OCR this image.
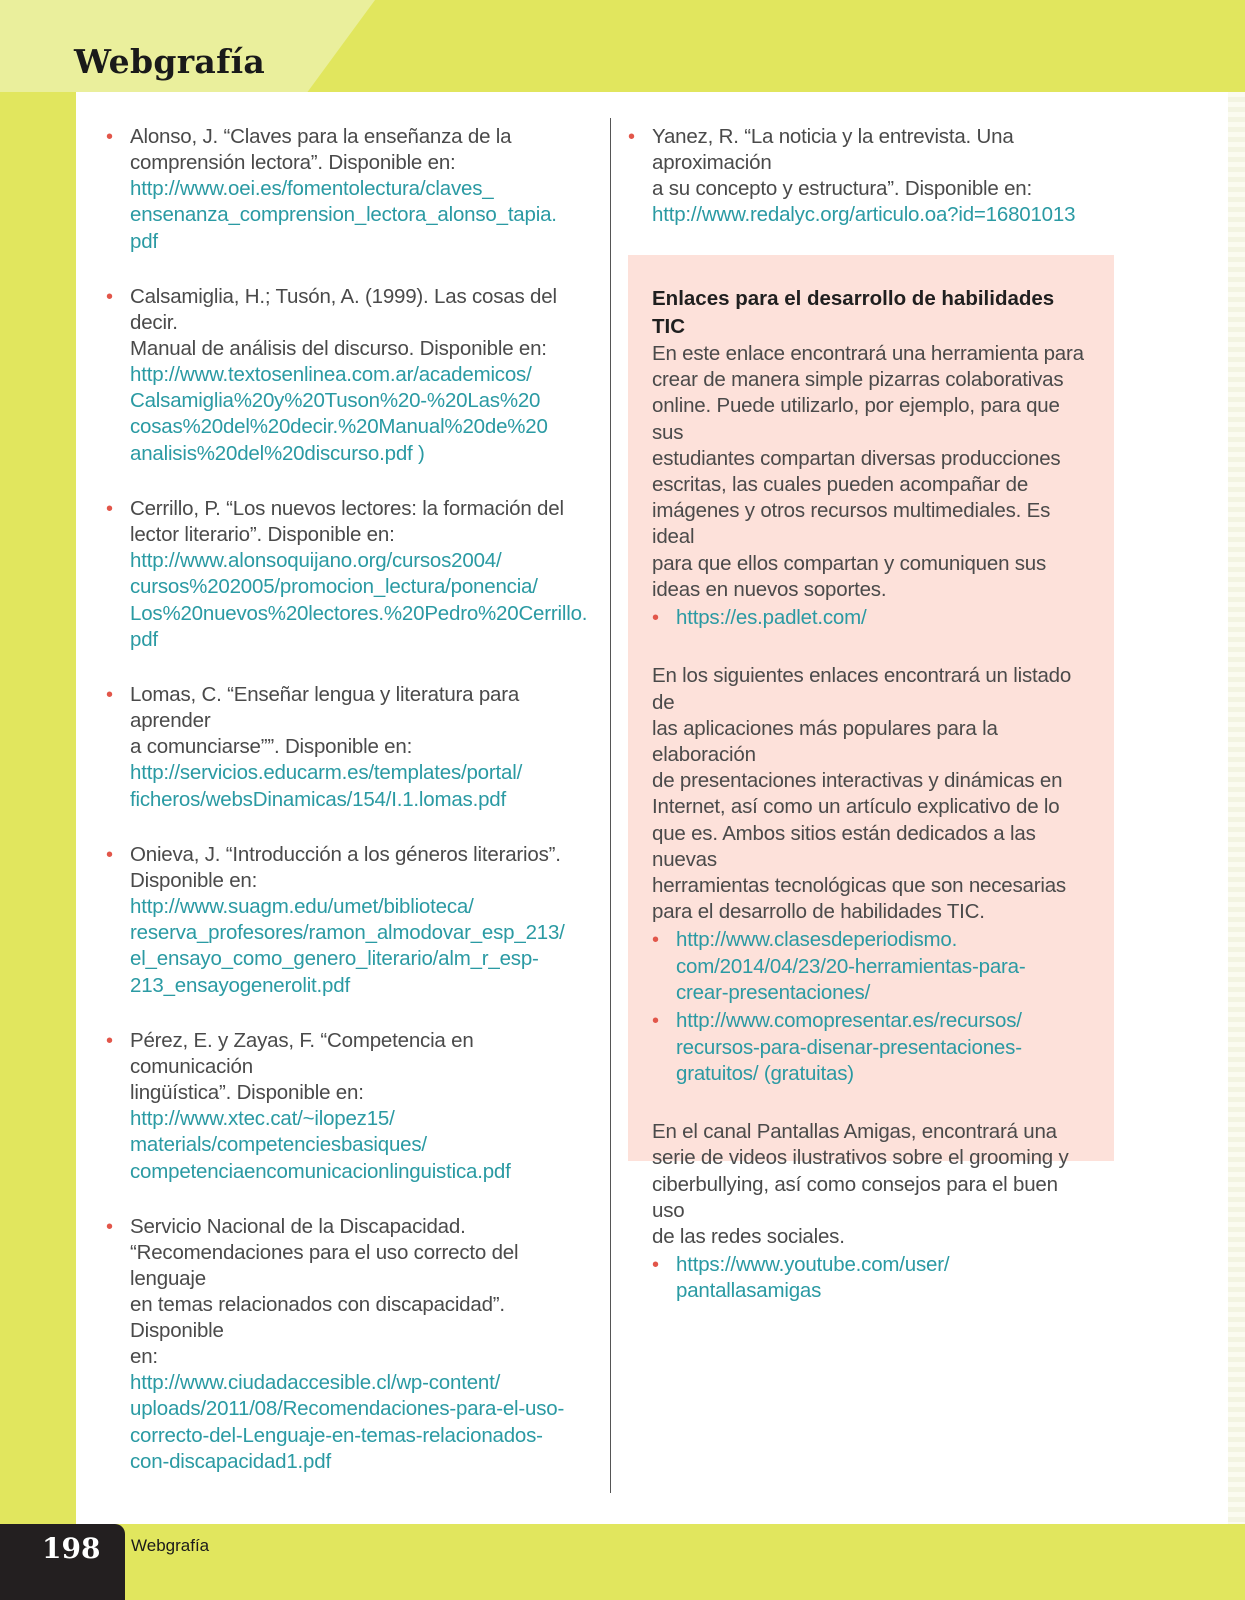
Webgrafía
198	Webgrafía
• Alonso, J. “Claves para la enseñanza de la
comprensión lectora”. Disponible en:
http://www.oei.es/fomentolectura/claves_
ensenanza_comprension_lectora_alonso_tapia.
pdf
• Calsamiglia, H.; Tusón, A. (1999). Las cosas del decir.
Manual de análisis del discurso. Disponible en:
http://www.textosenlinea.com.ar/academicos/
Calsamiglia%20y%20Tuson%20-%20Las%20
cosas%20del%20decir.%20Manual%20de%20
analisis%20del%20discurso.pdf )
• Cerrillo, P. “Los nuevos lectores: la formación del
lector literario”. Disponible en:
http://www.alonsoquijano.org/cursos2004/
cursos%202005/promocion_lectura/ponencia/
Los%20nuevos%20lectores.%20Pedro%20Cerrillo.
pdf
• Lomas, C. “Enseñar lengua y literatura para aprender
a comunciarse””. Disponible en:
http://servicios.educarm.es/templates/portal/
ficheros/websDinamicas/154/I.1.lomas.pdf
• Onieva, J. “Introducción a los géneros literarios”.
Disponible en:
http://www.suagm.edu/umet/biblioteca/
reserva_profesores/ramon_almodovar_esp_213/
el_ensayo_como_genero_literario/alm_r_esp-
213_ensayogenerolit.pdf
• Pérez, E. y Zayas, F. “Competencia en comunicación
lingüística”. Disponible en:
http://www.xtec.cat/~ilopez15/
materials/competenciesbasiques/
competenciaencomunicacionlinguistica.pdf
• Servicio Nacional de la Discapacidad.
“Recomendaciones para el uso correcto del lenguaje
en temas relacionados con discapacidad”. Disponible
en:
http://www.ciudadaccesible.cl/wp-content/
uploads/2011/08/Recomendaciones-para-el-uso-
correcto-del-Lenguaje-en-temas-relacionados-
con-discapacidad1.pdf
• Yanez, R. “La noticia y la entrevista. Una aproximación
a su concepto y estructura”. Disponible en:
http://www.redalyc.org/articulo.oa?id=16801013
Enlaces para el desarrollo de habilidades TIC

En este enlace encontrará una herramienta para
crear de manera simple pizarras colaborativas
online. Puede utilizarlo, por ejemplo, para que sus
estudiantes compartan diversas producciones
escritas, las cuales pueden acompañar de
imágenes y otros recursos multimediales. Es ideal
para que ellos compartan y comuniquen sus
ideas en nuevos soportes.

• https://es.padlet.com/

En los siguientes enlaces encontrará un listado de
las aplicaciones más populares para la elaboración
de presentaciones interactivas y dinámicas en
Internet, así como un artículo explicativo de lo
que es. Ambos sitios están dedicados a las nuevas
herramientas tecnológicas que son necesarias
para el desarrollo de habilidades TIC.

• http://www.clasesdeperiodismo.
com/2014/04/23/20-herramientas-para-
crear-presentaciones/
• http://www.comopresentar.es/recursos/
recursos-para-disenar-presentaciones-
gratuitos/ (gratuitas)

En el canal Pantallas Amigas, encontrará una
serie de videos ilustrativos sobre el grooming y
ciberbullying, así como consejos para el buen uso
de las redes sociales.

• https://www.youtube.com/user/
pantallasamigas
